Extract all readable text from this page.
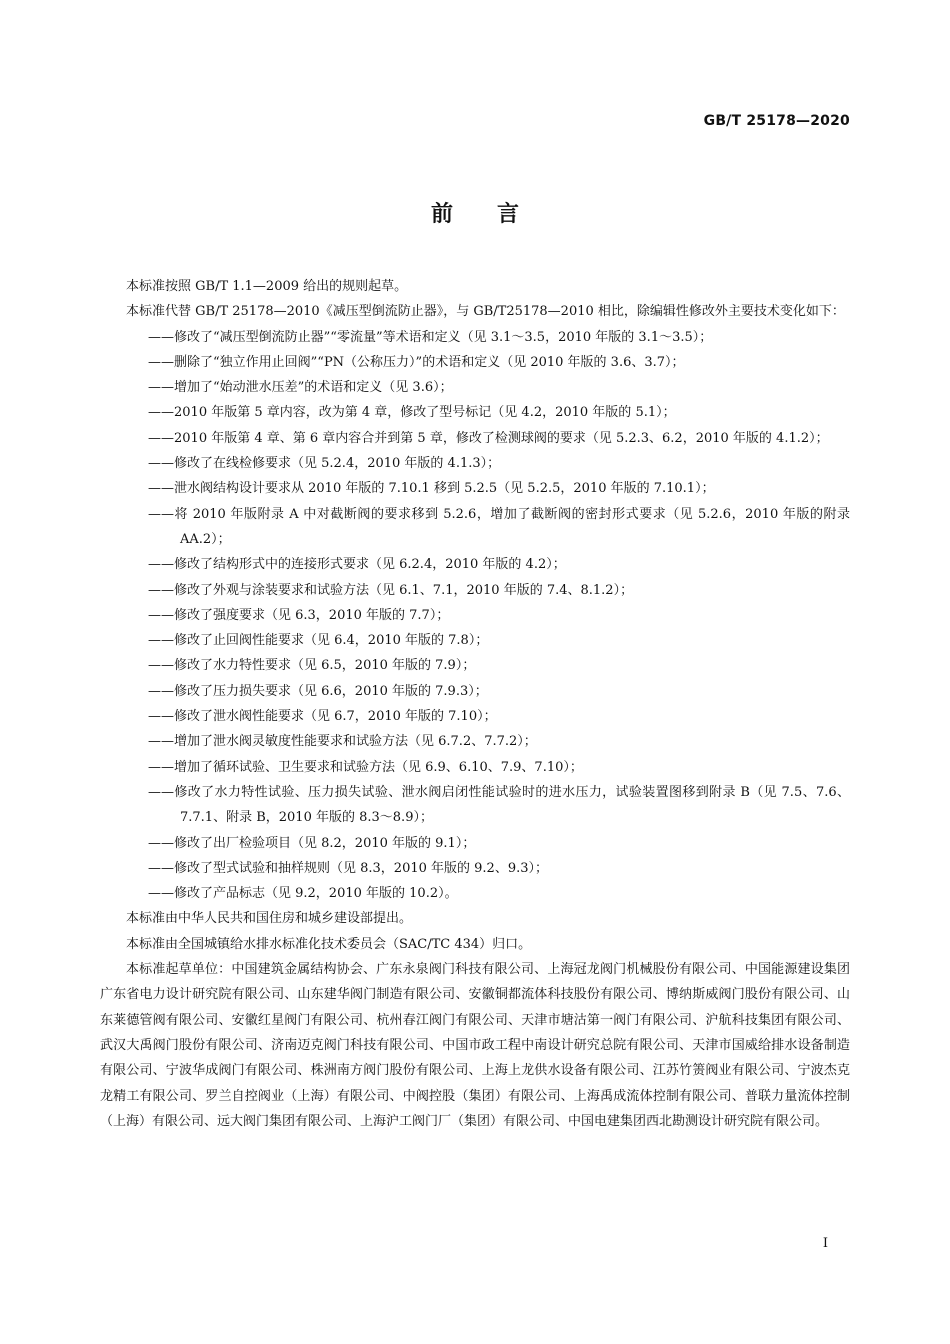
GB/T 25178—2020
前言

本标准按照 GB/T 1.1—2009 给出的规则起草。

本标准代替 GB/T 25178—2010《减压型倒流防止器》，与 GB/T25178—2010 相比，除编辑性修改外主要技术变化如下：

——修改了“减压型倒流防止器”“零流量”等术语和定义（见 3.1～3.5，2010 年版的 3.1～3.5）；
——删除了“独立作用止回阀”“PN（公称压力）”的术语和定义（见 2010 年版的 3.6、3.7）；
——增加了“始动泄水压差”的术语和定义（见 3.6）；
——2010 年版第 5 章内容，改为第 4 章，修改了型号标记（见 4.2，2010 年版的 5.1）；
——2010 年版第 4 章、第 6 章内容合并到第 5 章，修改了检测球阀的要求（见 5.2.3、6.2，2010 年版的 4.1.2）；
——修改了在线检修要求（见 5.2.4，2010 年版的 4.1.3）；
——泄水阀结构设计要求从 2010 年版的 7.10.1 移到 5.2.5（见 5.2.5，2010 年版的 7.10.1）；
——将 2010 年版附录 A 中对截断阀的要求移到 5.2.6，增加了截断阀的密封形式要求（见 5.2.6，2010 年版的附录 AA.2）；
——修改了结构形式中的连接形式要求（见 6.2.4，2010 年版的 4.2）；
——修改了外观与涂装要求和试验方法（见 6.1、7.1，2010 年版的 7.4、8.1.2）；
——修改了强度要求（见 6.3，2010 年版的 7.7）；
——修改了止回阀性能要求（见 6.4，2010 年版的 7.8）；
——修改了水力特性要求（见 6.5，2010 年版的 7.9）；
——修改了压力损失要求（见 6.6，2010 年版的 7.9.3）；
——修改了泄水阀性能要求（见 6.7，2010 年版的 7.10）；
——增加了泄水阀灵敏度性能要求和试验方法（见 6.7.2、7.7.2）；
——增加了循环试验、卫生要求和试验方法（见 6.9、6.10、7.9、7.10）；
——修改了水力特性试验、压力损失试验、泄水阀启闭性能试验时的进水压力，试验装置图移到附录 B（见 7.5、7.6、7.7.1、附录 B，2010 年版的 8.3～8.9）；
——修改了出厂检验项目（见 8.2，2010 年版的 9.1）；
——修改了型式试验和抽样规则（见 8.3，2010 年版的 9.2、9.3）；
——修改了产品标志（见 9.2，2010 年版的 10.2）。

本标准由中华人民共和国住房和城乡建设部提出。

本标准由全国城镇给水排水标准化技术委员会（SAC/TC 434）归口。

本标准起草单位：中国建筑金属结构协会、广东永泉阀门科技有限公司、上海冠龙阀门机械股份有限公司、中国能源建设集团广东省电力设计研究院有限公司、山东建华阀门制造有限公司、安徽铜都流体科技股份有限公司、博纳斯威阀门股份有限公司、山东莱德管阀有限公司、安徽红星阀门有限公司、杭州春江阀门有限公司、天津市塘沽第一阀门有限公司、沪航科技集团有限公司、武汉大禹阀门股份有限公司、济南迈克阀门科技有限公司、中国市政工程中南设计研究总院有限公司、天津市国威给排水设备制造有限公司、宁波华成阀门有限公司、株洲南方阀门股份有限公司、上海上龙供水设备有限公司、江苏竹箦阀业有限公司、宁波杰克龙精工有限公司、罗兰自控阀业（上海）有限公司、中阀控股（集团）有限公司、上海禹成流体控制有限公司、普联力量流体控制（上海）有限公司、远大阀门集团有限公司、上海沪工阀门厂（集团）有限公司、中国电建集团西北勘测设计研究院有限公司。

I
